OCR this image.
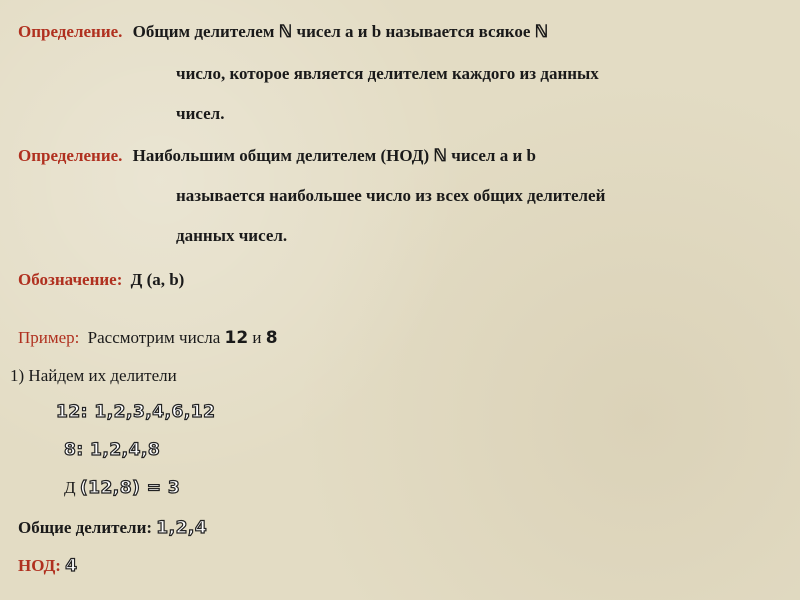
Определение. Общим делителем ℕ чисел a и b называется всякое ℕ
число, которое является делителем каждого из данных
чисел.
Определение. Наибольшим общим делителем (НОД) ℕ чисел a и b
называется наибольшее число из всех общих делителей
данных чисел.
Обозначение: Д (a, b)
Пример: Рассмотрим числа 12 и 8
1) Найдем их делители
12: 1,2,3,4,6,12
8: 1,2,4,8
Д (12,8) = 3
Общие делители: 1,2,4
НОД: 4
